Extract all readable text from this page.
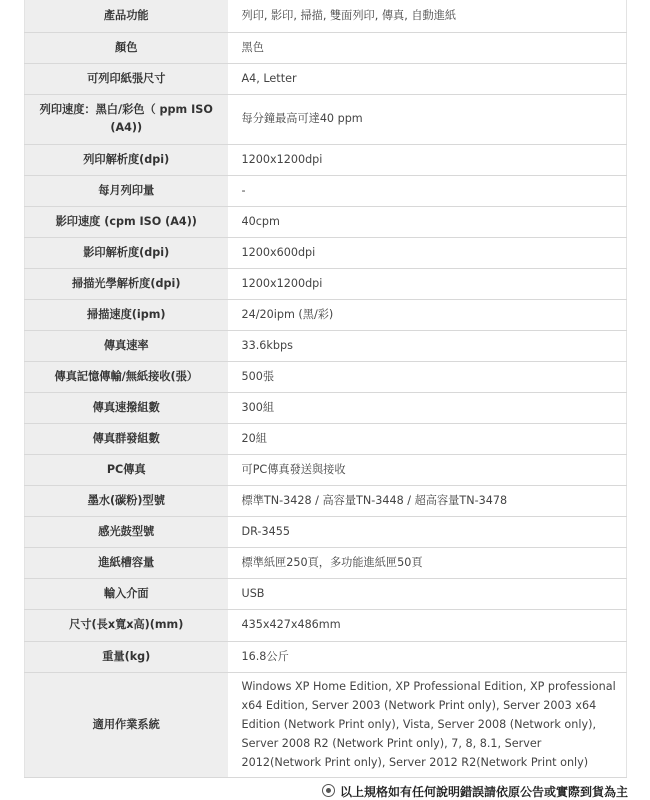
產品功能	列印, 影印, 掃描, 雙面列印, 傳真, 自動進紙
顏色	黑色
可列印紙張尺寸	A4, Letter
列印速度：黑白/彩色（ ppm ISO (A4))	每分鐘最高可達40 ppm
列印解析度(dpi)	1200x1200dpi
每月列印量	-
影印速度 (cpm ISO (A4))	40cpm
影印解析度(dpi)	1200x600dpi
掃描光學解析度(dpi)	1200x1200dpi
掃描速度(ipm)	24/20ipm (黑/彩)
傳真速率	33.6kbps
傳真記憶傳輸/無紙接收(張）	500張
傳真速撥組數	300組
傳真群發組數	20組
PC傳真	可PC傳真發送與接收
墨水(碳粉)型號	標準TN-3428 / 高容量TN-3448 / 超高容量TN-3478
感光鼓型號	DR-3455
進紙槽容量	標準紙匣250頁，多功能進紙匣50頁
輸入介面	USB
尺寸(長x寬x高)(mm)	435x427x486mm
重量(kg)	16.8公斤
適用作業系統	Windows XP Home Edition, XP Professional Edition, XP professional x64 Edition, Server 2003 (Network Print only), Server 2003 x64 Edition (Network Print only), Vista, Server 2008 (Network only), Server 2008 R2 (Network Print only), 7, 8, 8.1, Server 2012(Network Print only), Server 2012 R2(Network Print only)
以上規格如有任何說明錯誤請依原公告或實際到貨為主
